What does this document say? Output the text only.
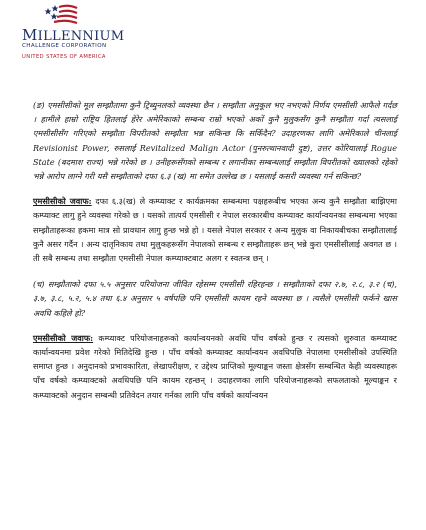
MILLENNIUM
CHALLENGE CORPORATION
UNITED STATES OF AMERICA

(ङ) एमसीसीको मूल सम्झौतामा कुनै ट्रिब्युनलको व्यवस्था छैन । सम्झौता अनुकूल भए नभएको निर्णय एमसीसी आफैले गर्दछ । हामीले हाम्रो राष्ट्रिय हितलाई हेरेर अमेरिकाको सम्बन्ध राम्रो भएको अकों कुनै मुलुकसँग कुनै सम्झौता गर्दा त्यसलाई एमसीसीसँग गरिएको सम्झौता विपरीतको सम्झौता भन्न सकिन्छ कि सकिँदैन? उदाहरणका लागि अमेरिकाले चीनलाई Revisionist Power, रुसलाई Revitalized Malign Actor (पुनरुत्थानवादी दुष्ट), उत्तर कोरियालाई Rogue State (बदमाश राज्य) भन्ने गरेको छ । उनीहरूसँगको सम्बन्ध र लगानीका सम्बन्धलाई सम्झौता विपरीतको ख्यालको रहेको भन्ने आरोप लाग्ने गरी यसै सम्झौताको दफा ६.३ (ख) मा समेत उल्लेख छ । यसलाई कसरी व्यवस्था गर्न सकिन्छ?

एमसीसीको जवाफ: दफा ६.३(ख) ले कम्प्याक्ट र कार्यक्रमका सम्बन्धमा पक्षहरूबीच भएका अन्य कुनै सम्झौता बाझिएमा कम्प्याक्ट लागु हुने व्यवस्था गरेको छ । यसको तात्पर्य एमसीसी र नेपाल सरकारबीच कम्प्याक्ट कार्यान्वयनका सम्बन्धमा भएका सम्झौताहरूका हकमा मात्र सो प्रावधान लागु हुन्छ भन्ने हो । यसले नेपाल सरकार र अन्य मुलुक वा निकायबीचका सम्झौतालाई कुनै असर गर्दैन । अन्य दातृनिकाय तथा मुलुकहरूसँग नेपालको सम्बन्ध र सम्झौताहरू छन् भन्ने कुरा एमसीसीलाई अवगत छ । ती सबै सम्बन्ध तथा सम्झौता एमसीसी नेपाल कम्प्याक्टबाट अलग र स्वतन्त्र छन् ।

(च) सम्झौताको दफा ५.५ अनुसार परियोजना जीवित रहेसम्म एमसीसी रहिरहन्छ । सम्झौताको दफा २.७, २.८, ३.२ (च), ३.७, ३.८, ५.२, ५.४ तथा ६.४ अनुसार ५ वर्षपछि पनि एमसीसी कायम रहने व्यवस्था छ । त्यसैले एमसीसी फर्कने खास अवधि कहिले हो?

एमसीसीको जवाफ: कम्प्याक्ट परियोजनाहरूको कार्यान्वयनको अवधि पाँच वर्षको हुन्छ र त्यसको शुरुवात कम्प्याक्ट कार्यान्वयनमा प्रवेश गरेको मितिदेखि हुन्छ । पाँच वर्षको कम्प्याक्ट कार्यान्वयन अवधिपछि नेपालमा एमसीसीको उपस्थिति समाप्त हुन्छ । अनुदानको प्रभावकारिता, लेखापरीक्षण, र उद्देश्य प्राप्तिको मूल्याङ्कन जस्ता क्षेत्रसँग सम्बन्धित केही व्यवस्थाहरू पाँच वर्षको कम्प्याक्टको अवधिपछि पनि कायम रहन्छन् । उदाहरणका लागि परियोजनाहरूको सफलताको मूल्याङ्कन र कम्प्याक्टको अनुदान सम्बन्धी प्रतिवेदन तयार गर्नका लागि पाँच वर्षको कार्यान्वयन
